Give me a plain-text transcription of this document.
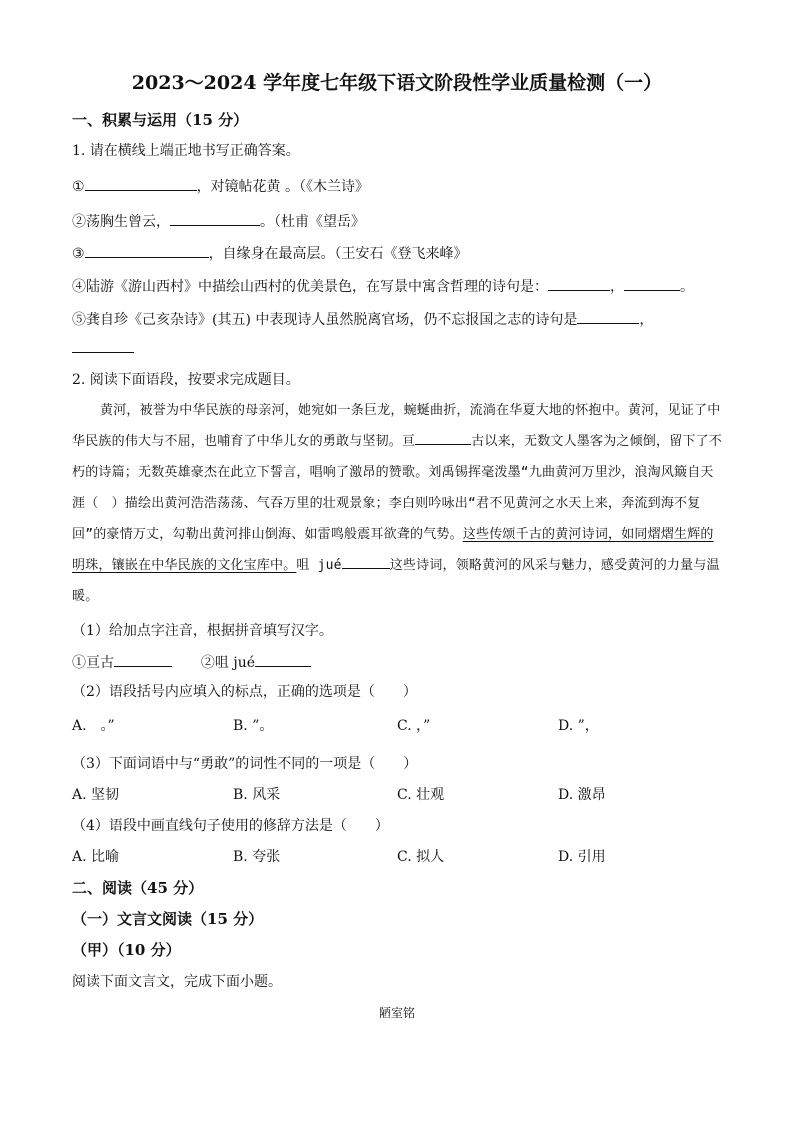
2023～2024 学年度七年级下语文阶段性学业质量检测（一）
一、积累与运用（15 分）
1. 请在横线上端正地书写正确答案。
①	，对镜帖花黄 。（《木兰诗》
②荡胸生曾云，	。（杜甫《望岳》
③	，自缘身在最高层。（王安石《登飞来峰》
④陆游《游山西村》中描绘山西村的优美景色，在写景中寓含哲理的诗句是：	，	。
⑤龚自珍《己亥杂诗》(其五) 中表现诗人虽然脱离官场，仍不忘报国之志的诗句是	，
2. 阅读下面语段，按要求完成题目。
黄河，被誉为中华民族的母亲河，她宛如一条巨龙，蜿蜒曲折，流淌在华夏大地的怀抱中。黄河，见证了中华民族的伟大与不屈，也哺育了中华儿女的勇敢与坚韧。亘	古以来，无数文人墨客为之倾倒，留下了不朽的诗篇；无数英雄豪杰在此立下誓言，唱响了激昂的赞歌。刘禹锡挥毫泼墨“九曲黄河万里沙，浪淘风簸自天涯（　）描绘出黄河浩浩荡荡、气吞万里的壮观景象；李白则吟咏出“君不见黄河之水天上来，奔流到海不复回”的豪情万丈，勾勒出黄河排山倒海、如雷鸣般震耳欲聋的气势。这些传颂千古的黄河诗词，如同熠熠生辉的明珠，镶嵌在中华民族的文化宝库中。咀 jué	这些诗词，领略黄河的风采与魅力，感受黄河的力量与温暖。
（1）给加点字注音，根据拼音填写汉字。
①亘古	②咀 jué
（2）语段括号内应填入的标点，正确的选项是（　　）
A.　。”	B. ”。	C. ，”	D. ”，
（3）下面词语中与“勇敢”的词性不同的一项是（　　）
A. 坚韧	B. 风采	C. 壮观	D. 激昂
（4）语段中画直线句子使用的修辞方法是（　　）
A. 比喻	B. 夸张	C. 拟人	D. 引用
二、阅读（45 分）
（一）文言文阅读（15 分）
（甲）（10 分）
阅读下面文言文，完成下面小题。
陋室铭
